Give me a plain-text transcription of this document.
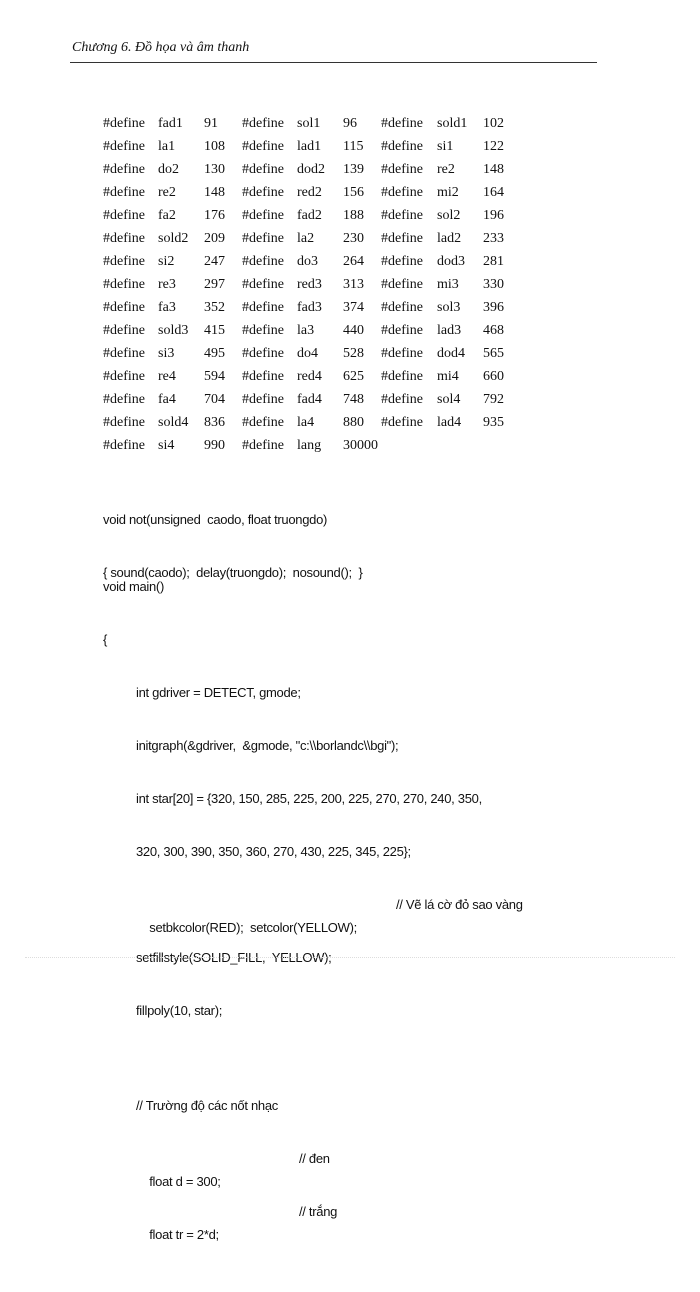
Chương 6. Đồ họa và âm thanh
#define fad1 91 #define sol1 96 #define sold1 102
#define la1 108 #define lad1 115 #define si1 122
#define do2 130 #define dod2 139 #define re2 148
#define re2 148 #define red2 156 #define mi2 164
#define fa2 176 #define fad2 188 #define sol2 196
#define sold2 209 #define la2 230 #define lad2 233
#define si2 247 #define do3 264 #define dod3 281
#define re3 297 #define red3 313 #define mi3 330
#define fa3 352 #define fad3 374 #define sol3 396
#define sold3 415 #define la3 440 #define lad3 468
#define si3 495 #define do4 528 #define dod4 565
#define re4 594 #define red4 625 #define mi4 660
#define fa4 704 #define fad4 748 #define sol4 792
#define sold4 836 #define la4 880 #define lad4 935
#define si4 990 #define lang 30000

void not(unsigned  caodo, float truongdo)

{ sound(caodo);  delay(truongdo);  nosound();  }

void main()

{

int gdriver = DETECT, gmode;

initgraph(&gdriver,  &gmode, "c:\\borlandc\\bgi");

int star[20] = {320, 150, 285, 225, 200, 225, 270, 270, 240, 350,

320, 300, 390, 350, 360, 270, 430, 225, 345, 225};

setbkcolor(RED);  setcolor(YELLOW);

// Vẽ lá cờ đỏ sao vàng

setfillstyle(SOLID_FILL,  YELLOW);

fillpoly(10, star);

// Trường độ các nốt nhạc

float d = 300;

// đen

float tr = 2*d;

// trắng
